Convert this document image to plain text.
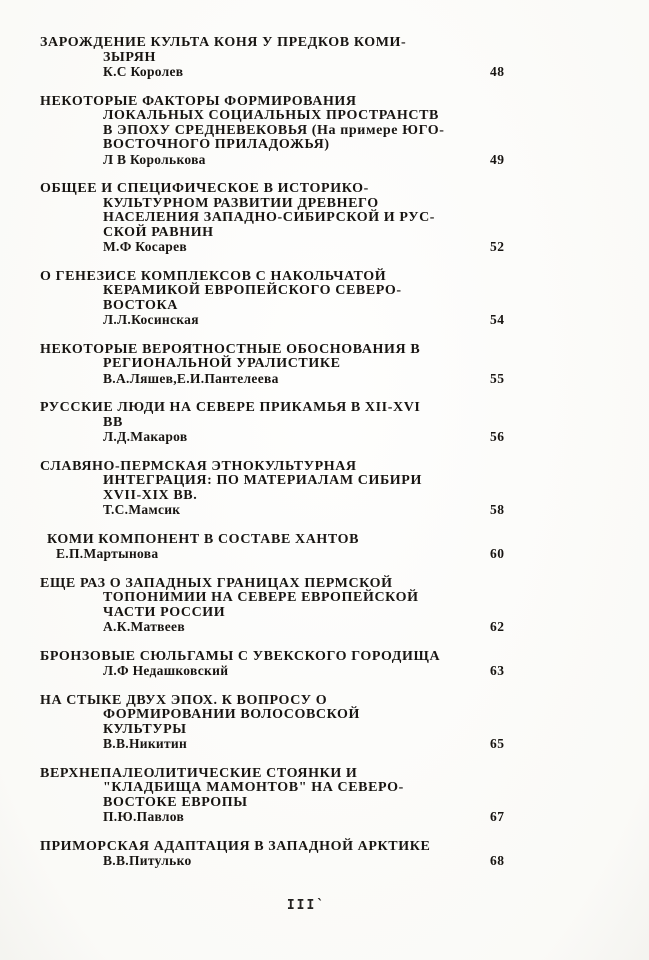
ЗАРОЖДЕНИЕ КУЛЬТА КОНЯ У ПРЕДКОВ КОМИ-
ЗЫРЯН
К.С Королев	48
НЕКОТОРЫЕ ФАКТОРЫ ФОРМИРОВАНИЯ
ЛОКАЛЬНЫХ СОЦИАЛЬНЫХ ПРОСТРАНСТВ
В ЭПОХУ СРЕДНЕВЕКОВЬЯ (На примере ЮГО-
ВОСТОЧНОГО ПРИЛАДОЖЬЯ)
Л В Королькова	49
ОБЩЕЕ И СПЕЦИФИЧЕСКОЕ В ИСТОРИКО-
КУЛЬТУРНОМ РАЗВИТИИ ДРЕВНЕГО
НАСЕЛЕНИЯ ЗАПАДНО-СИБИРСКОЙ И РУС-
СКОЙ РАВНИН
М.Ф Косарев	52
О ГЕНЕЗИСЕ КОМПЛЕКСОВ С НАКОЛЬЧАТОЙ
КЕРАМИКОЙ ЕВРОПЕЙСКОГО СЕВЕРО-
ВОСТОКА
Л.Л.Косинская	54
НЕКОТОРЫЕ ВЕРОЯТНОСТНЫЕ ОБОСНОВАНИЯ В
РЕГИОНАЛЬНОЙ УРАЛИСТИКЕ
В.А.Ляшев,Е.И.Пантелеева	55
РУССКИЕ ЛЮДИ НА СЕВЕРЕ ПРИКАМЬЯ В XII-XVI
ВВ
Л.Д.Макаров	56
СЛАВЯНО-ПЕРМСКАЯ ЭТНОКУЛЬТУРНАЯ
ИНТЕГРАЦИЯ: ПО МАТЕРИАЛАМ СИБИРИ
XVII-XIX ВВ.
Т.С.Мамсик	58
КОМИ КОМПОНЕНТ В СОСТАВЕ ХАНТОВ
Е.П.Мартынова	60
ЕЩЕ РАЗ О ЗАПАДНЫХ ГРАНИЦАХ ПЕРМСКОЙ
ТОПОНИМИИ НА СЕВЕРЕ ЕВРОПЕЙСКОЙ
ЧАСТИ РОССИИ
А.К.Матвеев	62
БРОНЗОВЫЕ СЮЛЬГАМЫ С УВЕКСКОГО ГОРОДИЩА
Л.Ф Недашковский	63
НА СТЫКЕ ДВУХ ЭПОХ. К ВОПРОСУ О
ФОРМИРОВАНИИ ВОЛОСОВСКОЙ
КУЛЬТУРЫ
В.В.Никитин	65
ВЕРХНЕПАЛЕОЛИТИЧЕСКИЕ СТОЯНКИ И
"КЛАДБИЩА МАМОНТОВ" НА СЕВЕРО-
ВОСТОКЕ ЕВРОПЫ
П.Ю.Павлов	67
ПРИМОРСКАЯ АДАПТАЦИЯ В ЗАПАДНОЙ АРКТИКЕ
В.В.Питулько	68
III`
